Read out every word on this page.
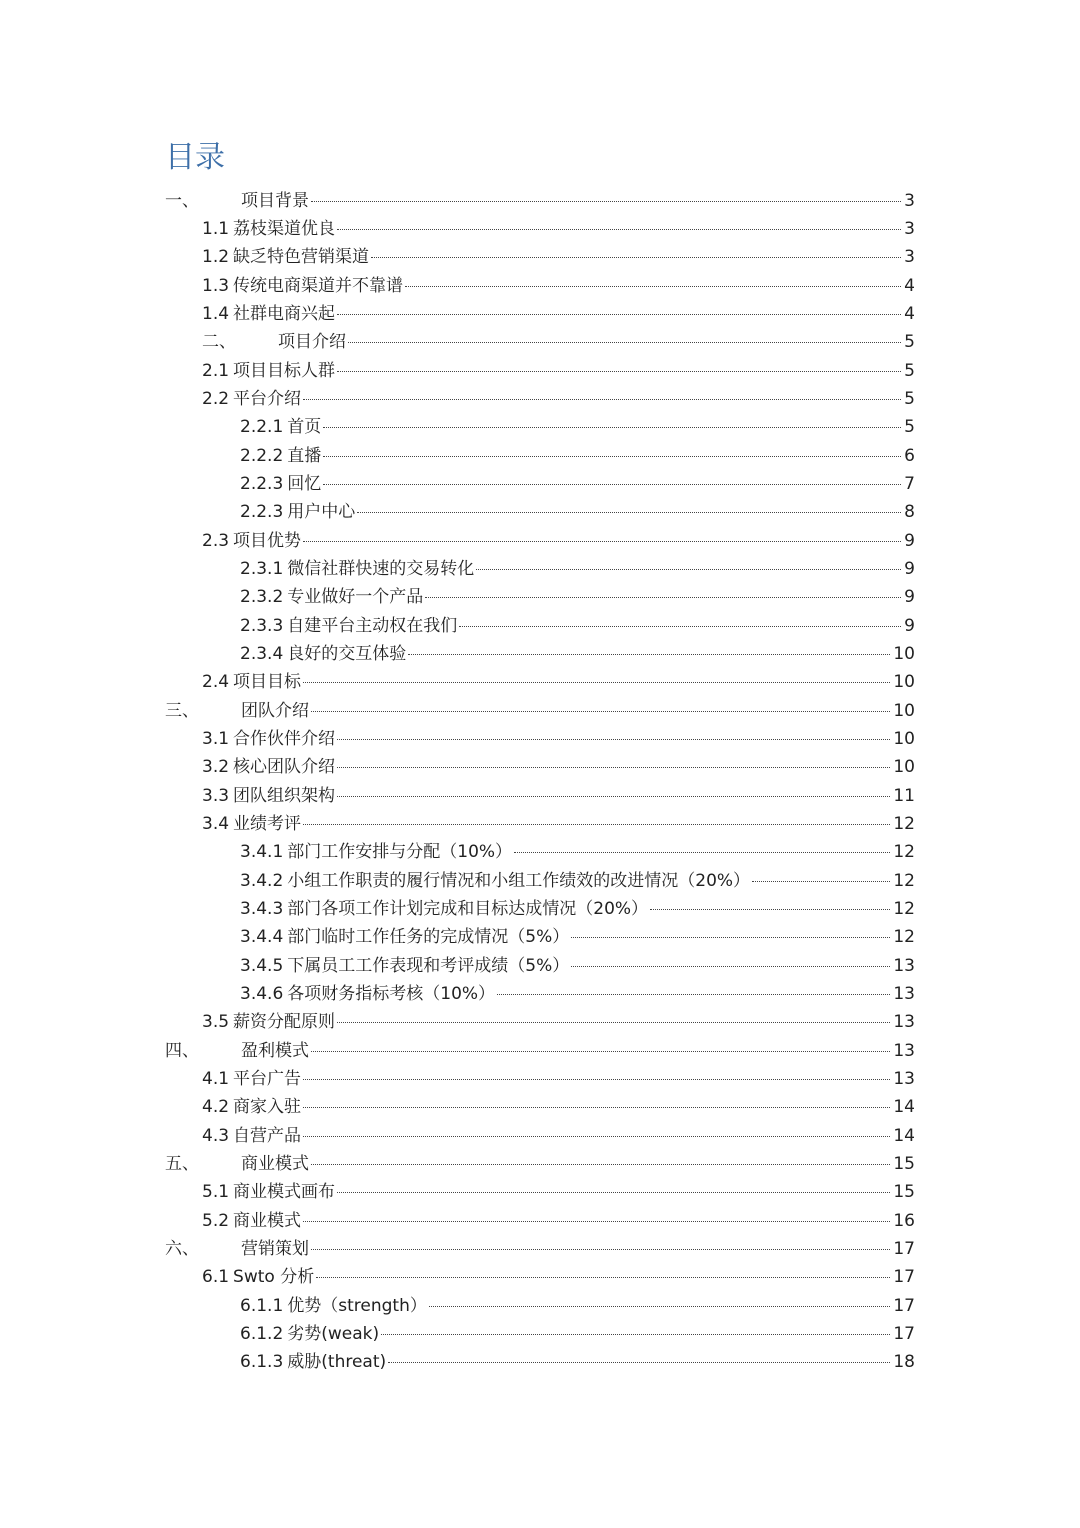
目录
一、	项目背景	3
1.1 荔枝渠道优良	3
1.2 缺乏特色营销渠道	3
1.3 传统电商渠道并不靠谱	4
1.4 社群电商兴起	4
二、	项目介绍	5
2.1 项目目标人群	5
2.2 平台介绍	5
2.2.1 首页	5
2.2.2 直播	6
2.2.3 回忆	7
2.2.3 用户中心	8
2.3 项目优势	9
2.3.1 微信社群快速的交易转化	9
2.3.2 专业做好一个产品	9
2.3.3 自建平台主动权在我们	9
2.3.4 良好的交互体验	10
2.4 项目目标	10
三、	团队介绍	10
3.1 合作伙伴介绍	10
3.2 核心团队介绍	10
3.3 团队组织架构	11
3.4 业绩考评	12
3.4.1 部门工作安排与分配（10%）	12
3.4.2 小组工作职责的履行情况和小组工作绩效的改进情况（20%）	12
3.4.3 部门各项工作计划完成和目标达成情况（20%）	12
3.4.4 部门临时工作任务的完成情况（5%）	12
3.4.5 下属员工工作表现和考评成绩（5%）	13
3.4.6 各项财务指标考核（10%）	13
3.5 薪资分配原则	13
四、	盈利模式	13
4.1 平台广告	13
4.2 商家入驻	14
4.3 自营产品	14
五、	商业模式	15
5.1 商业模式画布	15
5.2 商业模式	16
六、	营销策划	17
6.1 Swto 分析	17
6.1.1 优势（strength）	17
6.1.2 劣势(weak)	17
6.1.3 威胁(threat)	18
